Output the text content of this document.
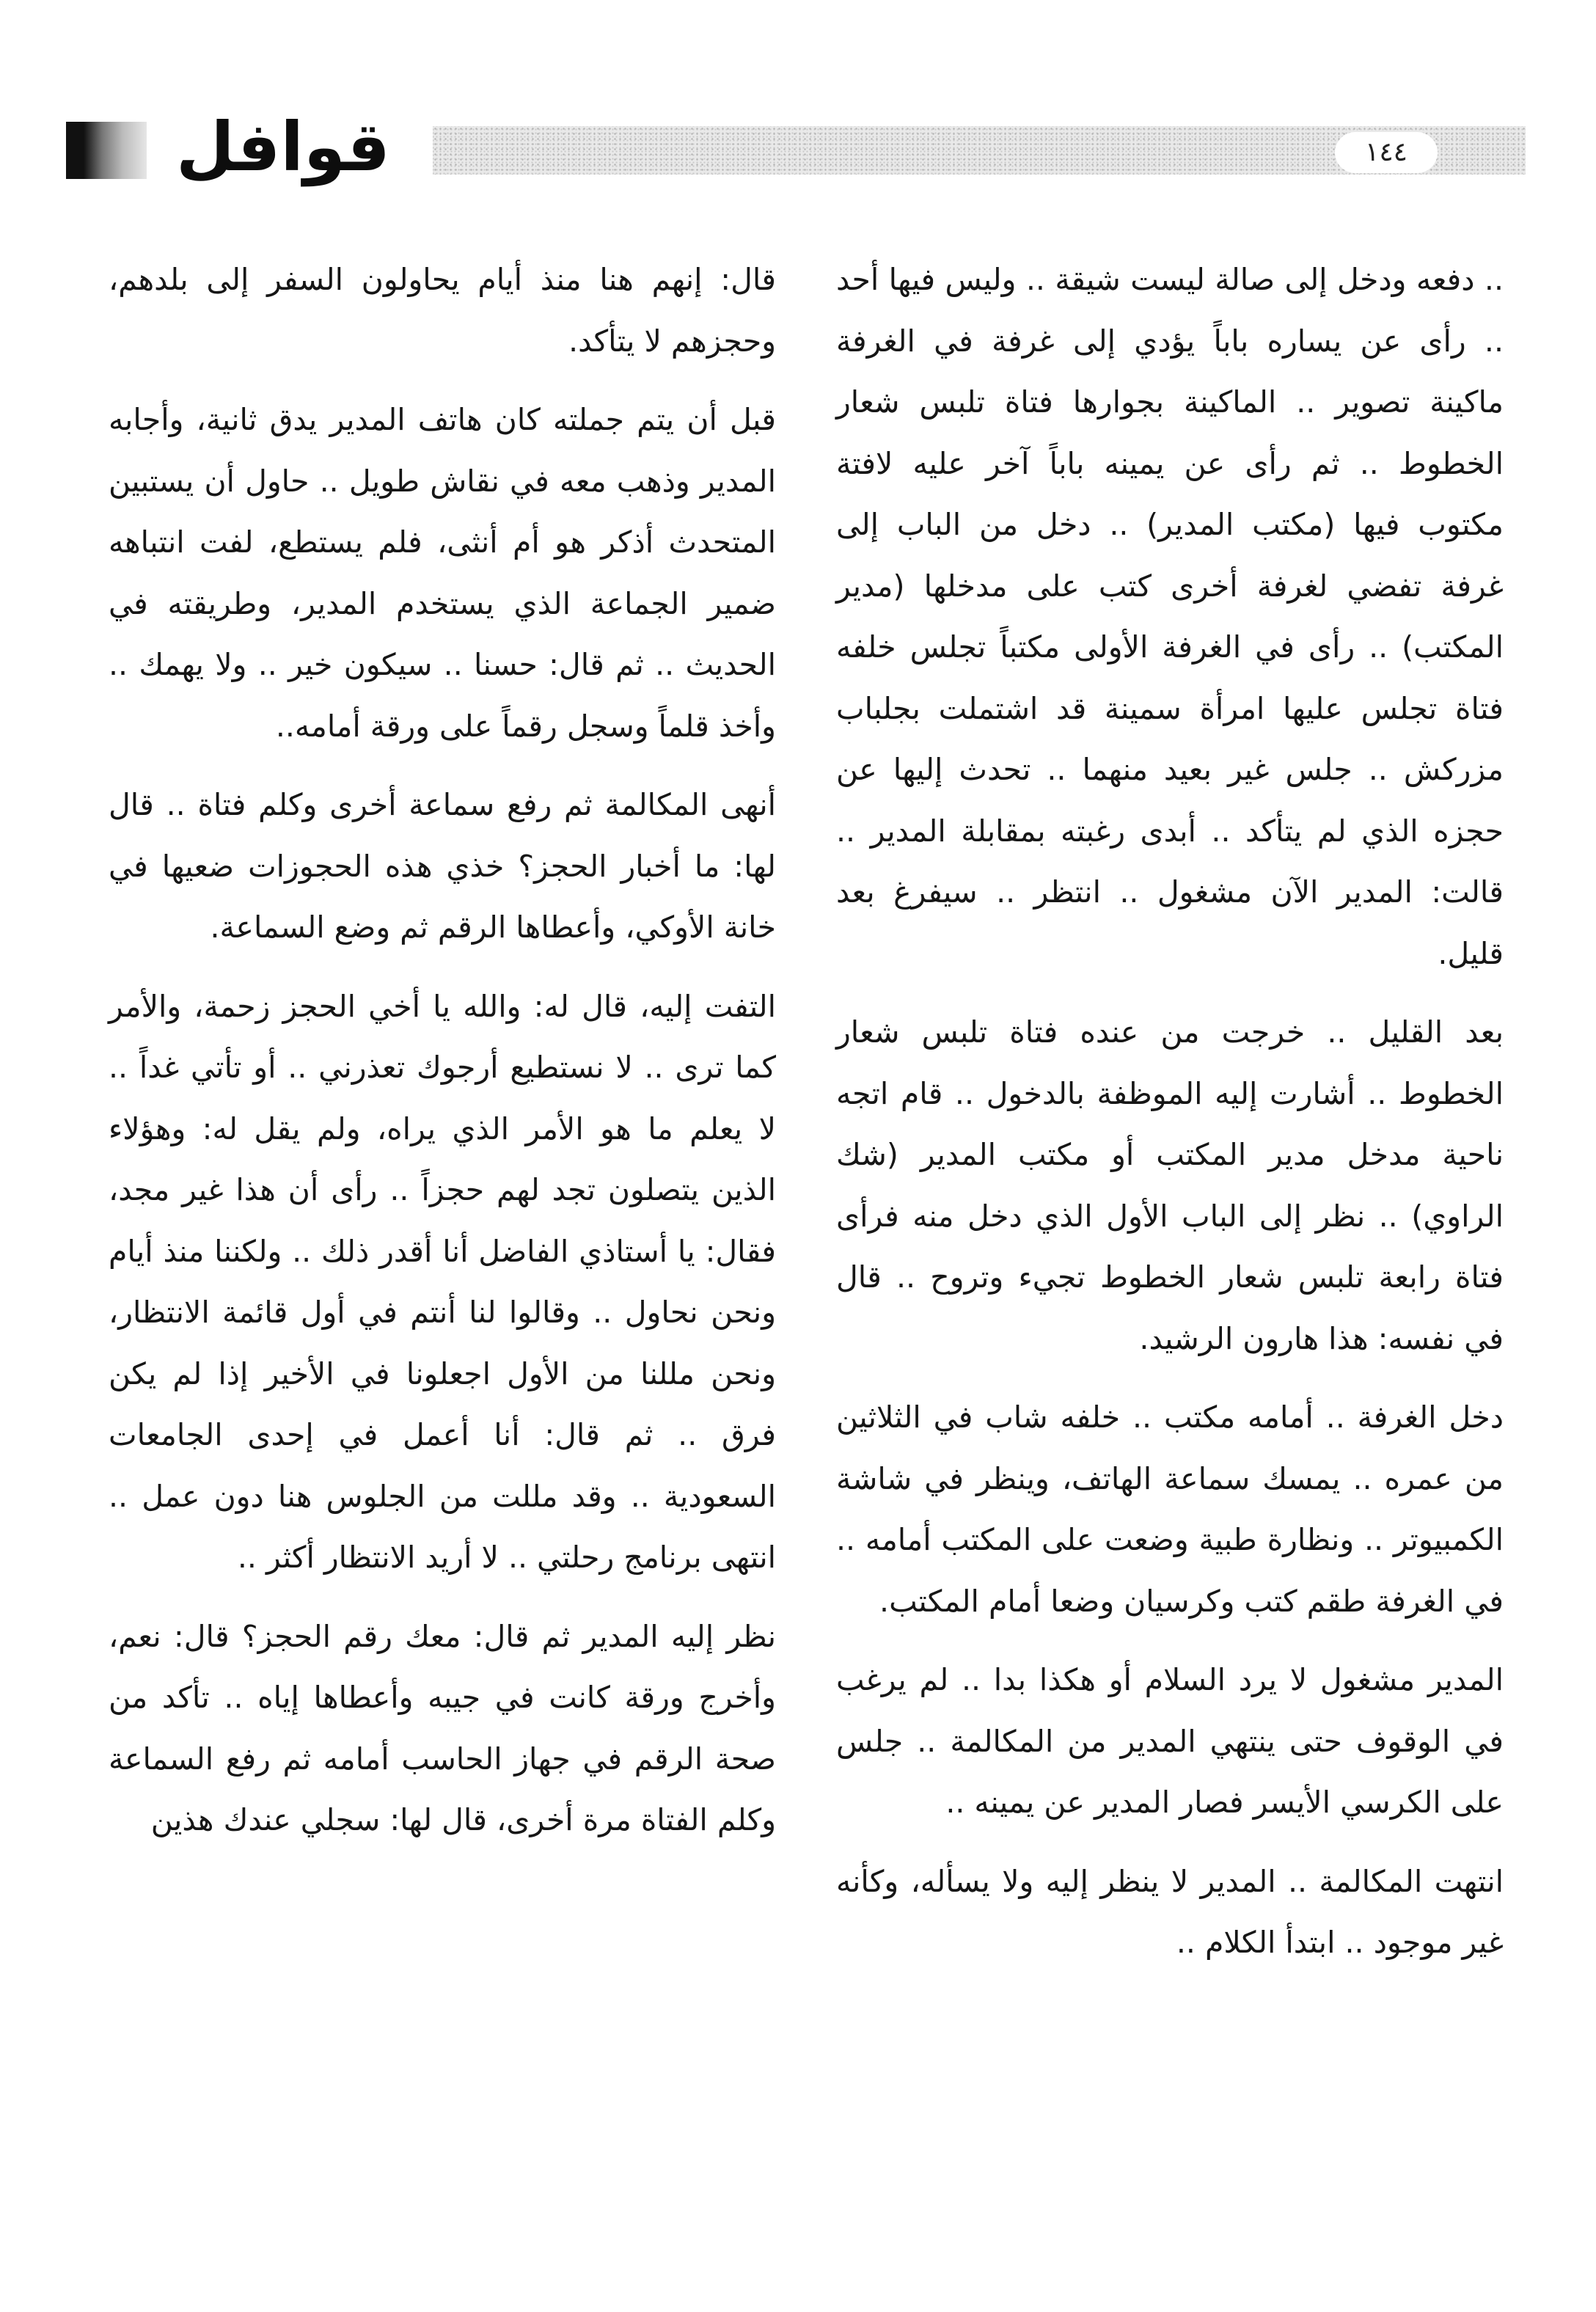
قوافل	١٤٤

.. دفعه ودخل إلى صالة ليست شيقة .. وليس فيها أحد .. رأى عن يساره باباً يؤدي إلى غرفة في الغرفة ماكينة تصوير .. الماكينة بجوارها فتاة تلبس شعار الخطوط .. ثم رأى عن يمينه باباً آخر عليه لافتة مكتوب فيها (مكتب المدير) .. دخل من الباب إلى غرفة تفضي لغرفة أخرى كتب على مدخلها (مدير المكتب) .. رأى في الغرفة الأولى مكتباً تجلس خلفه فتاة تجلس عليها امرأة سمينة قد اشتملت بجلباب مزركش .. جلس غير بعيد منهما .. تحدث إليها عن حجزه الذي لم يتأكد .. أبدى رغبته بمقابلة المدير .. قالت: المدير الآن مشغول .. انتظر .. سيفرغ بعد قليل.

بعد القليل .. خرجت من عنده فتاة تلبس شعار الخطوط .. أشارت إليه الموظفة بالدخول .. قام اتجه ناحية مدخل مدير المكتب أو مكتب المدير (شك الراوي) .. نظر إلى الباب الأول الذي دخل منه فرأى فتاة رابعة تلبس شعار الخطوط تجيء وتروح .. قال في نفسه: هذا هارون الرشيد.

دخل الغرفة .. أمامه مكتب .. خلفه شاب في الثلاثين من عمره .. يمسك سماعة الهاتف، وينظر في شاشة الكمبيوتر .. ونظارة طبية وضعت على المكتب أمامه .. في الغرفة طقم كتب وكرسيان وضعا أمام المكتب.

المدير مشغول لا يرد السلام أو هكذا بدا .. لم يرغب في الوقوف حتى ينتهي المدير من المكالمة .. جلس على الكرسي الأيسر فصار المدير عن يمينه ..

انتهت المكالمة .. المدير لا ينظر إليه ولا يسأله، وكأنه غير موجود .. ابتدأ الكلام ..

قال: إنهم هنا منذ أيام يحاولون السفر إلى بلدهم، وحجزهم لا يتأكد.

قبل أن يتم جملته كان هاتف المدير يدق ثانية، وأجابه المدير وذهب معه في نقاش طويل .. حاول أن يستبين المتحدث أذكر هو أم أنثى، فلم يستطع، لفت انتباهه ضمير الجماعة الذي يستخدم المدير، وطريقته في الحديث .. ثم قال: حسنا .. سيكون خير .. ولا يهمك .. وأخذ قلماً وسجل رقماً على ورقة أمامه..

أنهى المكالمة ثم رفع سماعة أخرى وكلم فتاة .. قال لها: ما أخبار الحجز؟ خذي هذه الحجوزات ضعيها في خانة الأوكي، وأعطاها الرقم ثم وضع السماعة.

التفت إليه، قال له: والله يا أخي الحجز زحمة، والأمر كما ترى .. لا نستطيع أرجوك تعذرني .. أو تأتي غداً .. لا يعلم ما هو الأمر الذي يراه، ولم يقل له: وهؤلاء الذين يتصلون تجد لهم حجزاً .. رأى أن هذا غير مجد، فقال: يا أستاذي الفاضل أنا أقدر ذلك .. ولكننا منذ أيام ونحن نحاول .. وقالوا لنا أنتم في أول قائمة الانتظار، ونحن مللنا من الأول اجعلونا في الأخير إذا لم يكن فرق .. ثم قال: أنا أعمل في إحدى الجامعات السعودية .. وقد مللت من الجلوس هنا دون عمل .. انتهى برنامج رحلتي .. لا أريد الانتظار أكثر ..

نظر إليه المدير ثم قال: معك رقم الحجز؟ قال: نعم، وأخرج ورقة كانت في جيبه وأعطاها إياه .. تأكد من صحة الرقم في جهاز الحاسب أمامه ثم رفع السماعة وكلم الفتاة مرة أخرى، قال لها: سجلي عندك هذين
